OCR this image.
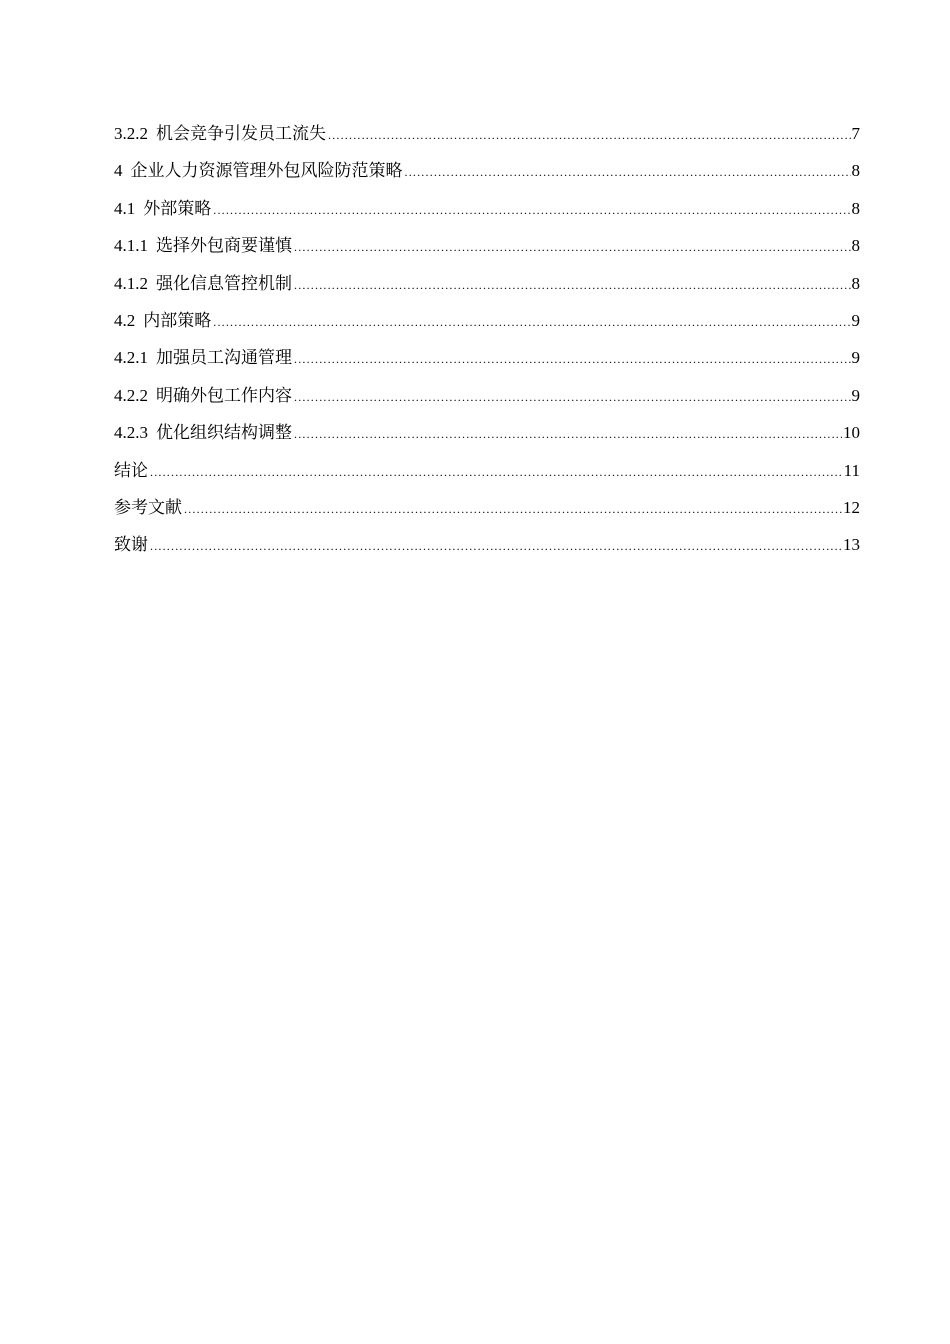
3.2.2 机会竞争引发员工流失 .....	7
4 企业人力资源管理外包风险防范策略 .....	8
4.1 外部策略 .....	8
4.1.1 选择外包商要谨慎 .....	8
4.1.2 强化信息管控机制 .....	8
4.2 内部策略 .....	9
4.2.1 加强员工沟通管理 .....	9
4.2.2 明确外包工作内容 .....	9
4.2.3 优化组织结构调整 .....	10
结论 .....	11
参考文献 .....	12
致谢 .....	13
